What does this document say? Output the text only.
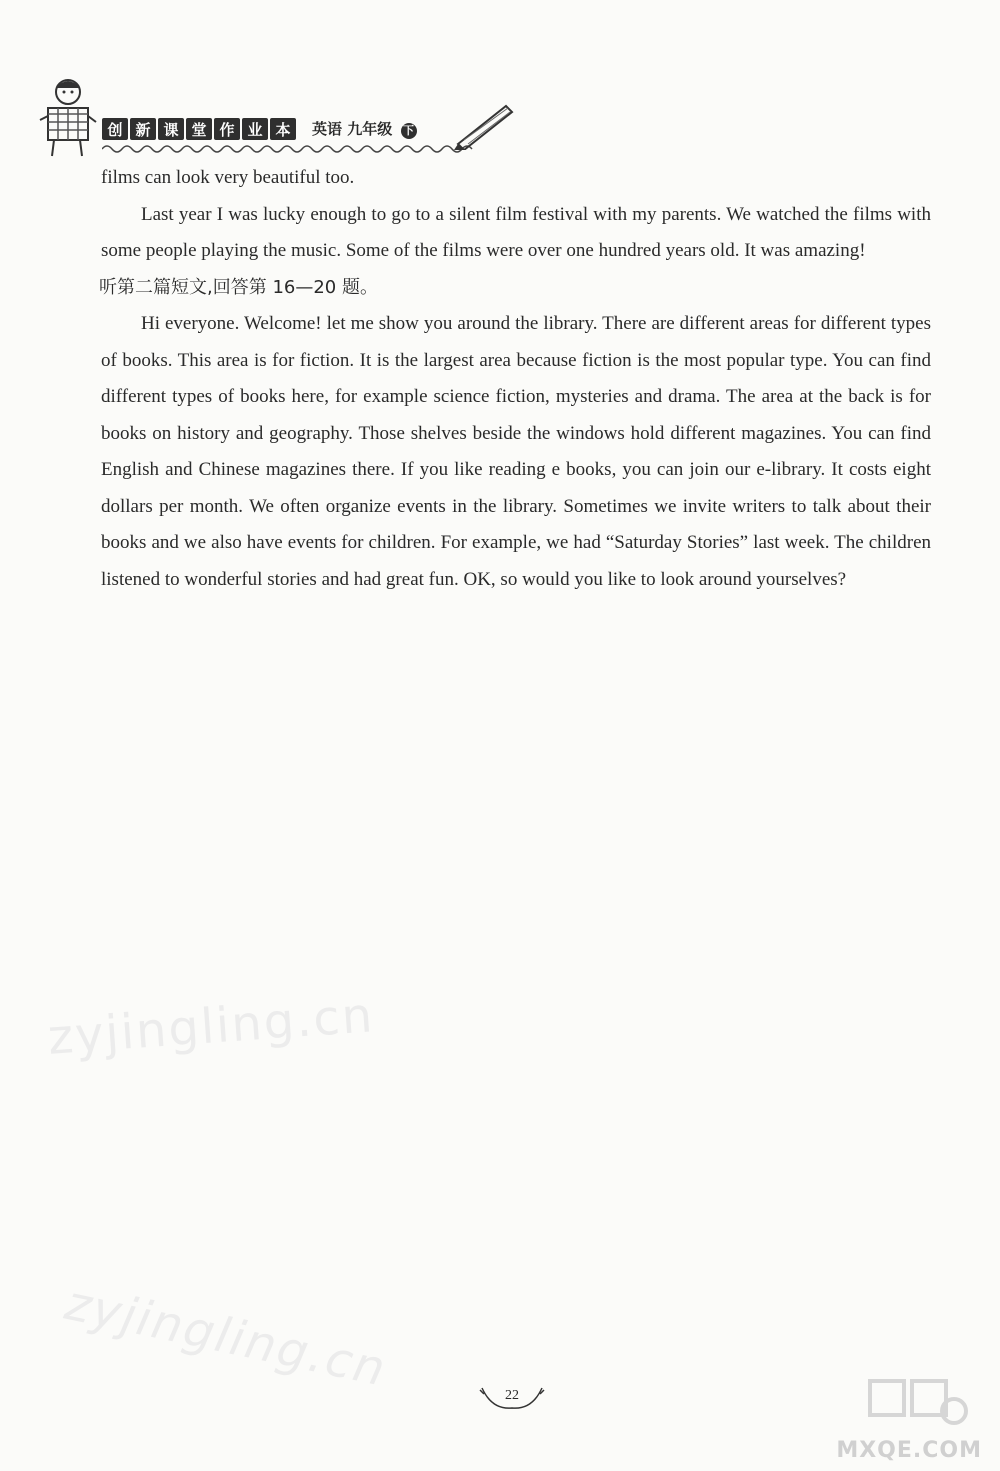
创 新 课 堂 作 业 本	英语 九年级 下

films can look very beautiful too.

Last year I was lucky enough to go to a silent film festival with my parents. We watched the films with some people playing the music. Some of the films were over one hundred years old. It was amazing!

听第二篇短文,回答第 16—20 题。

Hi everyone. Welcome! let me show you around the library. There are different areas for different types of books. This area is for fiction. It is the largest area because fiction is the most popular type. You can find different types of books here, for example science fiction, mysteries and drama. The area at the back is for books on history and geography. Those shelves beside the windows hold different magazines. You can find English and Chinese magazines there. If you like reading e books, you can join our e-library. It costs eight dollars per month. We often organize events in the library. Sometimes we invite writers to talk about their books and we also have events for children. For example, we had “Saturday Stories” last week. The children listened to wonderful stories and had great fun. OK, so would you like to look around yourselves?

zyjingling.cn
zyjingling.cn	22
MXQE.COM
